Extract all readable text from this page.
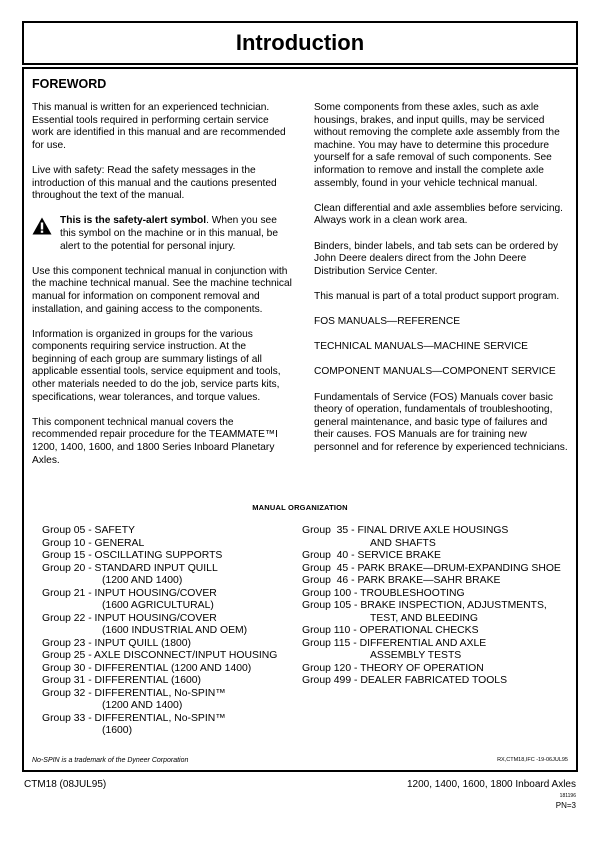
Introduction
FOREWORD

This manual is written for an experienced technician. Essential tools required in performing certain service work are identified in this manual and are recommended for use.

Live with safety: Read the safety messages in the introduction of this manual and the cautions presented throughout the text of the manual.

This is the safety-alert symbol. When you see this symbol on the machine or in this manual, be alert to the potential for personal injury.

Use this component technical manual in conjunction with the machine technical manual. See the machine technical manual for information on component removal and installation, and gaining access to the components.

Information is organized in groups for the various components requiring service instruction. At the beginning of each group are summary listings of all applicable essential tools, service equipment and tools, other materials needed to do the job, service parts kits, specifications, wear tolerances, and torque values.

This component technical manual covers the recommended repair procedure for the TEAMMATE™I 1200, 1400, 1600, and 1800 Series Inboard Planetary Axles.

Some components from these axles, such as axle housings, brakes, and input quills, may be serviced without removing the complete axle assembly from the machine. You may have to determine this procedure yourself for a safe removal of such components. See information to remove and install the complete axle assembly, found in your vehicle technical manual.

Clean differential and axle assemblies before servicing. Always work in a clean work area.

Binders, binder labels, and tab sets can be ordered by John Deere dealers direct from the John Deere Distribution Service Center.

This manual is part of a total product support program.

FOS MANUALS—REFERENCE

TECHNICAL MANUALS—MACHINE SERVICE

COMPONENT MANUALS—COMPONENT SERVICE

Fundamentals of Service (FOS) Manuals cover basic theory of operation, fundamentals of troubleshooting, general maintenance, and basic type of failures and their causes. FOS Manuals are for training new personnel and for reference by experienced technicians.

MANUAL ORGANIZATION
Group 05 - SAFETY
Group 10 - GENERAL
Group 15 - OSCILLATING SUPPORTS
Group 20 - STANDARD INPUT QUILL
(1200 AND 1400)
Group 21 - INPUT HOUSING/COVER
(1600 AGRICULTURAL)
Group 22 - INPUT HOUSING/COVER
(1600 INDUSTRIAL AND OEM)
Group 23 - INPUT QUILL (1800)
Group 25 - AXLE DISCONNECT/INPUT HOUSING
Group 30 - DIFFERENTIAL (1200 AND 1400)
Group 31 - DIFFERENTIAL (1600)
Group 32 - DIFFERENTIAL, No-SPIN™
(1200 AND 1400)
Group 33 - DIFFERENTIAL, No-SPIN™
(1600)
Group  35 - FINAL DRIVE AXLE HOUSINGS
AND SHAFTS
Group  40 - SERVICE BRAKE
Group  45 - PARK BRAKE—DRUM-EXPANDING SHOE
Group  46 - PARK BRAKE—SAHR BRAKE
Group 100 - TROUBLESHOOTING
Group 105 - BRAKE INSPECTION, ADJUSTMENTS,
TEST, AND BLEEDING
Group 110 - OPERATIONAL CHECKS
Group 115 - DIFFERENTIAL AND AXLE
ASSEMBLY TESTS
Group 120 - THEORY OF OPERATION
Group 499 - DEALER FABRICATED TOOLS
No-SPIN is a trademark of the Dyneer Corporation	RX,CTM18,IFC -19-06JUL95
CTM18 (08JUL95)	1200, 1400, 1600, 1800 Inboard Axles
181196
PN=3
